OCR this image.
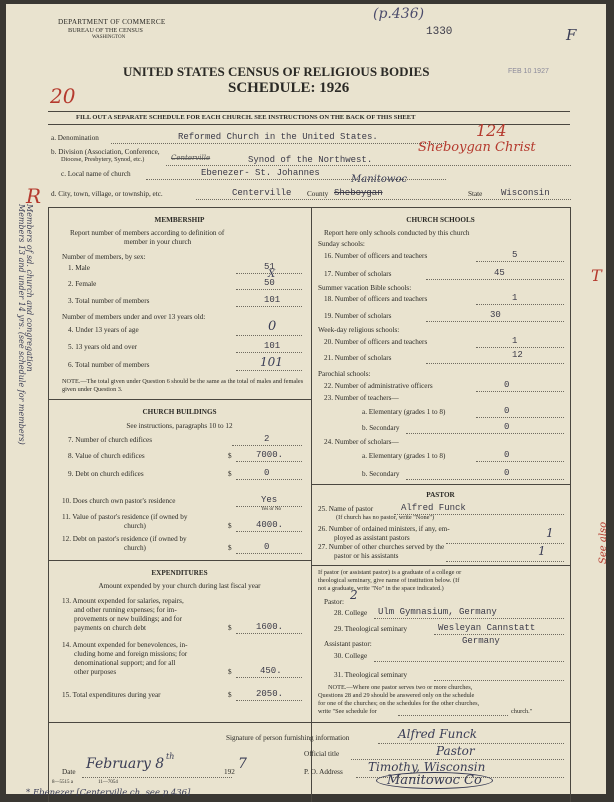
DEPARTMENT OF COMMERCE
BUREAU OF THE CENSUS
WASHINGTON
(p.436)
1330	F
FEB 10 1927
20
UNITED STATES CENSUS OF RELIGIOUS BODIES
SCHEDULE: 1926
FILL OUT A SEPARATE SCHEDULE FOR EACH CHURCH. SEE INSTRUCTIONS ON THE BACK OF THIS SHEET
a. Denomination	Reformed Church in the United States.	124
Sheboygan Christ
b. Division (Association, Conference,
Diocese, Presbytery, Synod, etc.)	Centerville	Synod of the Northwest.
c. Local name of church	Ebenezer- St. Johannes
Manitowoc
d. City, town, village, or township, etc.	Centerville County Sheboygan	State Wisconsin
MEMBERSHIP
Report number of members according to definition of
member in your church
Number of members, by sex:
1. Male	51
2. Female	50
3. Total number of members	101
Number of members under and over 13 years old:
4. Under 13 years of age	0
5. 13 years old and over	101
6. Total number of members	101
NOTE.—The total given under Question 6 should be the same as the total of males and females given under Question 3.
CHURCH BUILDINGS
See instructions, paragraphs 10 to 12
7. Number of church edifices	2
8. Value of church edifices	$	7000.
9. Debt on church edifices	$	0
10. Does church own pastor's residence	Yes
Yes or No
11. Value of pastor's residence (if owned by
church)	$	4000.
12. Debt on pastor's residence (if owned by
church)	$	0
EXPENDITURES
Amount expended by your church during last fiscal year
13. Amount expended for salaries, repairs,
and other running expenses; for im-
provements or new buildings; and for
payments on church debt	$	1600.
14. Amount expended for benevolences, in-
cluding home and foreign missions; for
denominational support; and for all
other purposes	$	450.
15. Total expenditures during year	$	2050.
CHURCH SCHOOLS
Report here only schools conducted by this church
Sunday schools:
16. Number of officers and teachers	5
17. Number of scholars	45
Summer vacation Bible schools:
18. Number of officers and teachers	1
19. Number of scholars	30
Week-day religious schools:
20. Number of officers and teachers	1
21. Number of scholars	12
Parochial schools:
22. Number of administrative officers	0
23. Number of teachers—
a. Elementary (grades 1 to 8)	0
b. Secondary	0
24. Number of scholars—
a. Elementary (grades 1 to 8)	0
b. Secondary	0
PASTOR
25. Name of pastor
(If church has no pastor, write "None")
Alfred Funck
26. Number of ordained ministers, if any, em-
ployed as assistant pastors	1
27. Number of other churches served by the
pastor or his assistants	1
If pastor (or assistant pastor) is a graduate of a college or
theological seminary, give name of institution below. (If
not a graduate, write "No" in the space indicated.)
Pastor: 2
28. College Ulm Gymnasium, Germany
29. Theological seminary	Wesleyan Cannstatt
Germany
Assistant pastor:
30. College
31. Theological seminary
NOTE.—Where one pastor serves two or more churches,
Questions 28 and 29 should be answered only on the schedule
for one of the churches; on the schedules for the other churches,
write "See schedule for	church."
Signature of person furnishing information	Alfred Funck
Official title	Pastor
Date February 8 th
192 7	P. O. Address Timothy, Wisconsin
8—5515 a	11—7054	Manitowoc Co
R
Members of sd. church and congregation
Members 13 and under 14 yrs. (see schedule for members)	T
See also
* Ebenezer [Centerville ch. see p.436]
X
